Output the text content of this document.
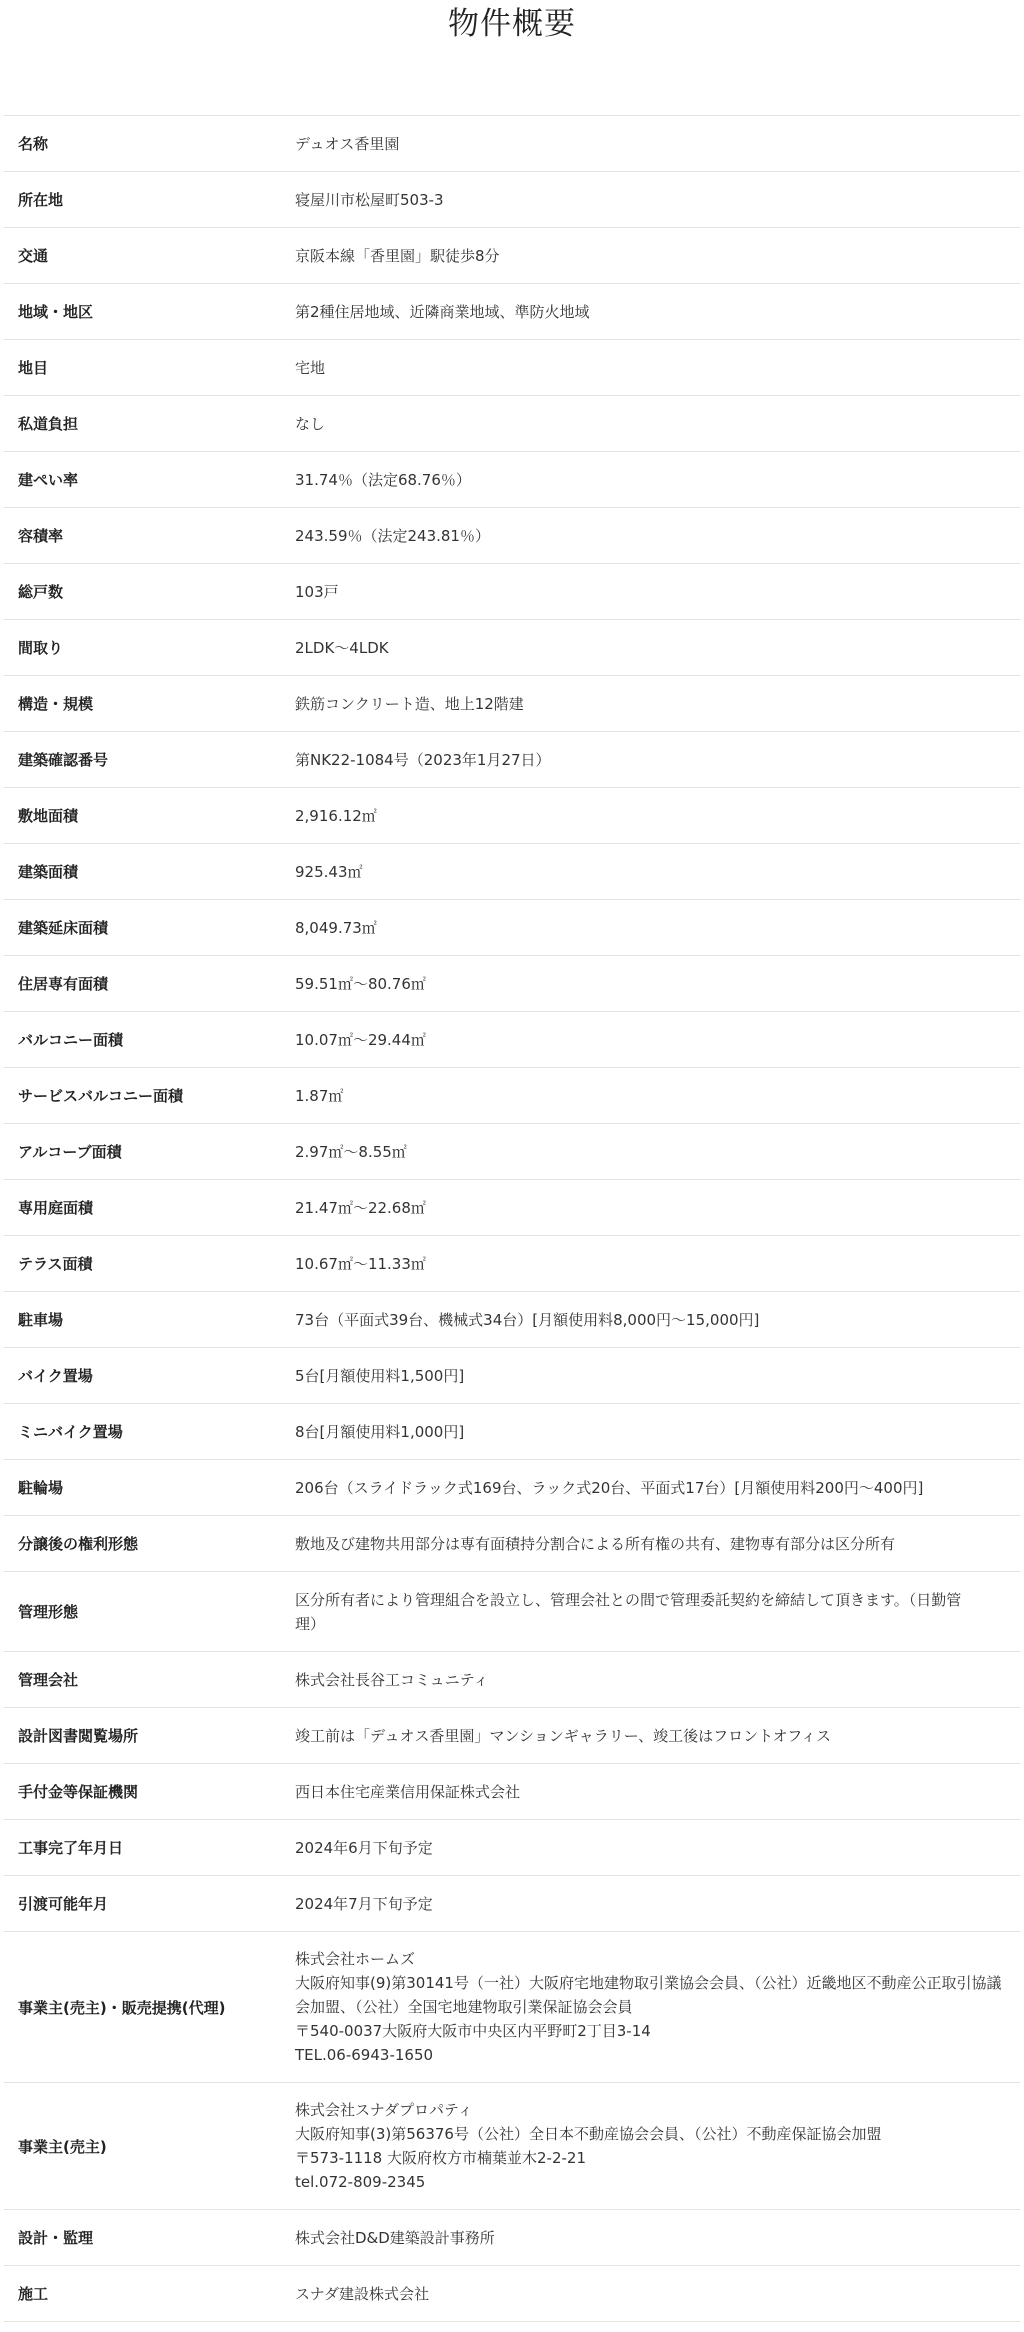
物件概要
名称	デュオス香里園

所在地	寝屋川市松屋町503-3

交通	京阪本線「香里園」駅徒歩8分

地域・地区	第2種住居地域、近隣商業地域、準防火地域

地目	宅地

私道負担	なし

建ぺい率	31.74％（法定68.76％）

容積率	243.59％（法定243.81％）

総戸数	103戸

間取り	2LDK〜4LDK

構造・規模	鉄筋コンクリート造、地上12階建

建築確認番号	第NK22-1084号（2023年1月27日）

敷地面積	2,916.12㎡

建築面積	925.43㎡

建築延床面積	8,049.73㎡

住居専有面積	59.51㎡〜80.76㎡

バルコニー面積	10.07㎡〜29.44㎡

サービスバルコニー面積	1.87㎡

アルコーブ面積	2.97㎡〜8.55㎡

専用庭面積	21.47㎡〜22.68㎡

テラス面積	10.67㎡〜11.33㎡

駐車場	73台（平面式39台、機械式34台）[月額使用料8,000円〜15,000円]

バイク置場	5台[月額使用料1,500円]

ミニバイク置場	8台[月額使用料1,000円]

駐輪場	206台（スライドラック式169台、ラック式20台、平面式17台）[月額使用料200円〜400円]

分譲後の権利形態	敷地及び建物共用部分は専有面積持分割合による所有権の共有、建物専有部分は区分所有

管理形態	区分所有者により管理組合を設立し、管理会社との間で管理委託契約を締結して頂きます。（日勤管
理）

管理会社	株式会社長谷工コミュニティ

設計図書閲覧場所	竣工前は「デュオス香里園」マンションギャラリー、竣工後はフロントオフィス

手付金等保証機関	西日本住宅産業信用保証株式会社

工事完了年月日	2024年6月下旬予定

引渡可能年月	2024年7月下旬予定

事業主(売主)・販売提携(代理)	株式会社ホームズ
大阪府知事(9)第30141号（一社）大阪府宅地建物取引業協会会員、（公社）近畿地区不動産公正取引協議
会加盟、（公社）全国宅地建物取引業保証協会会員
〒540-0037大阪府大阪市中央区内平野町2丁目3-14
TEL.06-6943-1650

事業主(売主)	株式会社スナダプロパティ
大阪府知事(3)第56376号（公社）全日本不動産協会会員、（公社）不動産保証協会加盟
〒573-1118 大阪府枚方市楠葉並木2-2-21
tel.072-809-2345

設計・監理	株式会社D&D建築設計事務所

施工	スナダ建設株式会社
